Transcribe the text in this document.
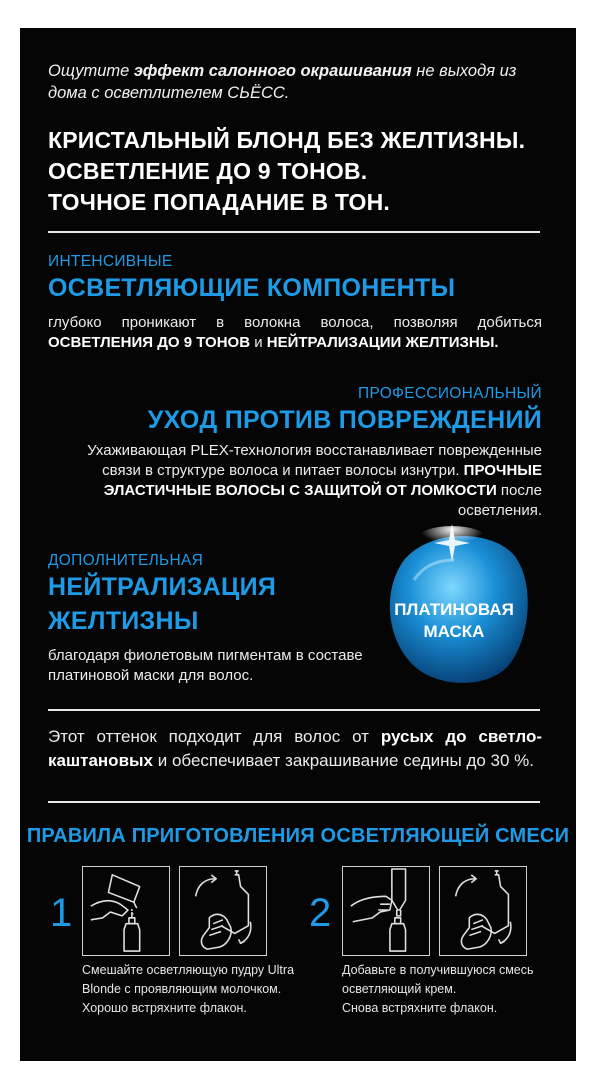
Ощутите эффект салонного окрашивания не выходя из дома с осветлителем СЬЁСС.

КРИСТАЛЬНЫЙ БЛОНД БЕЗ ЖЕЛТИЗНЫ.
ОСВЕТЛЕНИЕ ДО 9 ТОНОВ.
ТОЧНОЕ ПОПАДАНИЕ В ТОН.
ИНТЕНСИВНЫЕ
ОСВЕТЛЯЮЩИЕ КОМПОНЕНТЫ

глубоко проникают в волокна волоса, позволяя добиться ОСВЕТЛЕНИЯ ДО 9 ТОНОВ и НЕЙТРАЛИЗАЦИИ ЖЕЛТИЗНЫ.

ПРОФЕССИОНАЛЬНЫЙ
УХОД ПРОТИВ ПОВРЕЖДЕНИЙ

Ухаживающая PLEX-технология восстанавливает поврежденные связи в структуре волоса и питает волосы изнутри. ПРОЧНЫЕ ЭЛАСТИЧНЫЕ ВОЛОСЫ С ЗАЩИТОЙ ОТ ЛОМКОСТИ после осветления.

ДОПОЛНИТЕЛЬНАЯ
НЕЙТРАЛИЗАЦИЯ
ЖЕЛТИЗНЫ

благодаря фиолетовым пигментам в составе платиновой маски для волос.

ПЛАТИНОВАЯ
МАСКА

Этот оттенок подходит для волос от русых до светло-каштановых и обеспечивает закрашивание седины до 30 %.

ПРАВИЛА ПРИГОТОВЛЕНИЯ ОСВЕТЛЯЮЩЕЙ СМЕСИ
1
Смешайте осветляющую пудру Ultra
Blonde с проявляющим молочком.
Хорошо встряхните флакон.
2
Добавьте в получившуюся смесь
осветляющий крем.
Снова встряхните флакон.
